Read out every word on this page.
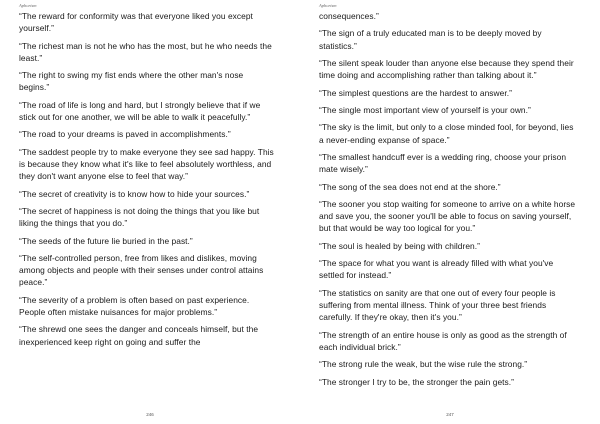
Aphorism

“The reward for conformity was that everyone liked you except yourself.”

“The richest man is not he who has the most, but he who needs the least.”

“The right to swing my fist ends where the other man's nose begins.”

“The road of life is long and hard, but I strongly believe that if we stick out for one another, we will be able to walk it peacefully.”

“The road to your dreams is paved in accomplishments.”

“The saddest people try to make everyone they see sad happy. This is because they know what it's like to feel absolutely worthless, and they don't want anyone else to feel that way.”

“The secret of creativity is to know how to hide your sources.”

“The secret of happiness is not doing the things that you like but liking the things that you do.”

“The seeds of the future lie buried in the past.”

“The self-controlled person, free from likes and dislikes, moving among objects and people with their senses under control attains peace.”

“The severity of a problem is often based on past experience. People often mistake nuisances for major problems.”

“The shrewd one sees the danger and conceals himself, but the inexperienced keep right on going and suffer the

246
Aphorism

consequences.”

“The sign of a truly educated man is to be deeply moved by statistics.”

“The silent speak louder than anyone else because they spend their time doing and accomplishing rather than talking about it.”

“The simplest questions are the hardest to answer.”

“The single most important view of yourself is your own.”

“The sky is the limit, but only to a close minded fool, for beyond, lies a never-ending expanse of space.”

“The smallest handcuff ever is a wedding ring, choose your prison mate wisely.”

“The song of the sea does not end at the shore.”

“The sooner you stop waiting for someone to arrive on a white horse and save you, the sooner you'll be able to focus on saving yourself, but that would be way too logical for you.”

“The soul is healed by being with children.”

“The space for what you want is already filled with what you've settled for instead.”

“The statistics on sanity are that one out of every four people is suffering from mental illness. Think of your three best friends carefully. If they're okay, then it's you.”

“The strength of an entire house is only as good as the strength of each individual brick.”

“The strong rule the weak, but the wise rule the strong.”

“The stronger I try to be, the stronger the pain gets.”

247
